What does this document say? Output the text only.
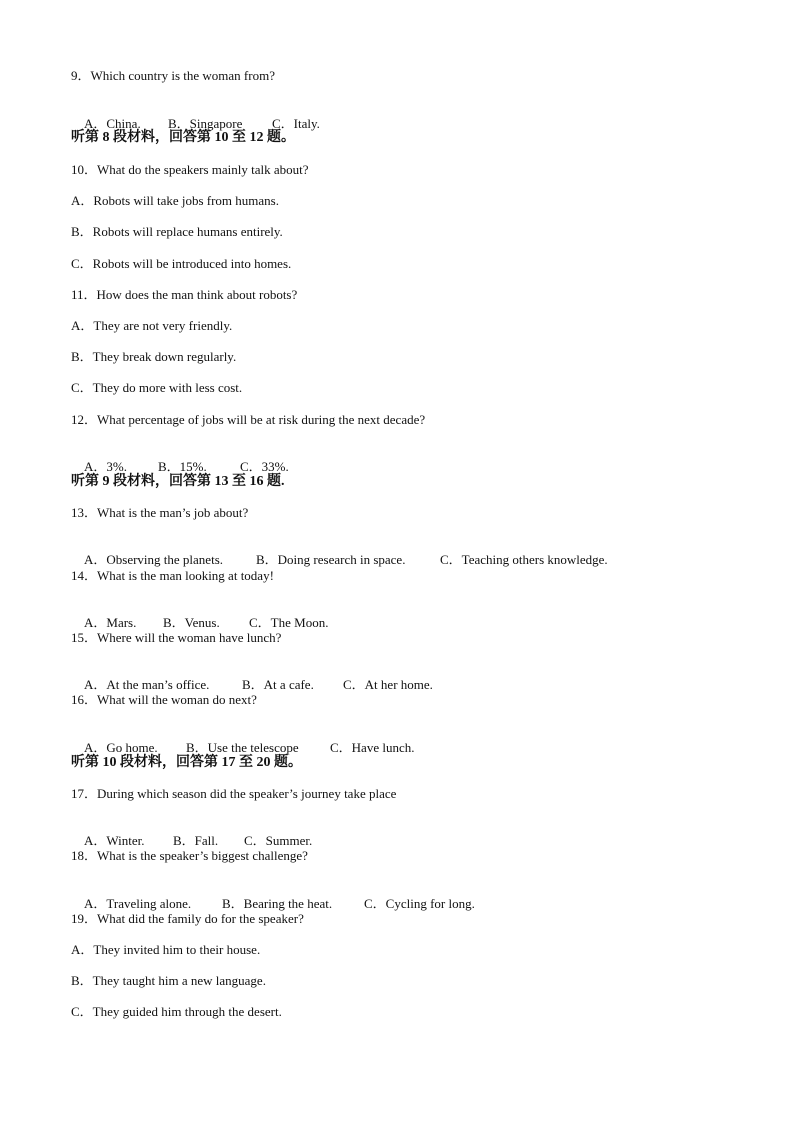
9．Which country is the woman from?

A．China. B．Singapore C．Italy.

听第 8 段材料，回答第 10 至 12 题。
10．What do the speakers mainly talk about?
A．Robots will take jobs from humans.
B．Robots will replace humans entirely.
C．Robots will be introduced into homes.
11．How does the man think about robots?
A．They are not very friendly.
B．They break down regularly.
C．They do more with less cost.
12．What percentage of jobs will be at risk during the next decade?

A．3%. B．15%.	C．33%.

听第 9 段材料，回答第 13 至 16 题.
13．What is the man’s job about?

A．Observing the planets.	B．Doing research in space.	C．Teaching others knowledge.

14．What is the man looking at today!

A．Mars. B．Venus. C．The Moon.

15．Where will the woman have lunch?

A．At the man’s office.	B．At a cafe. C．At her home.

16．What will the woman do next?

A．Go home. B．Use the telescope C．Have lunch.

听第 10 段材料，回答第 17 至 20 题。
17．During which season did the speaker’s journey take place

A．Winter. B．Fall. C．Summer.

18．What is the speaker’s biggest challenge?

A．Traveling alone. B．Bearing the heat. C．Cycling for long.

19．What did the family do for the speaker?
A．They invited him to their house.
B．They taught him a new language.
C．They guided him through the desert.
